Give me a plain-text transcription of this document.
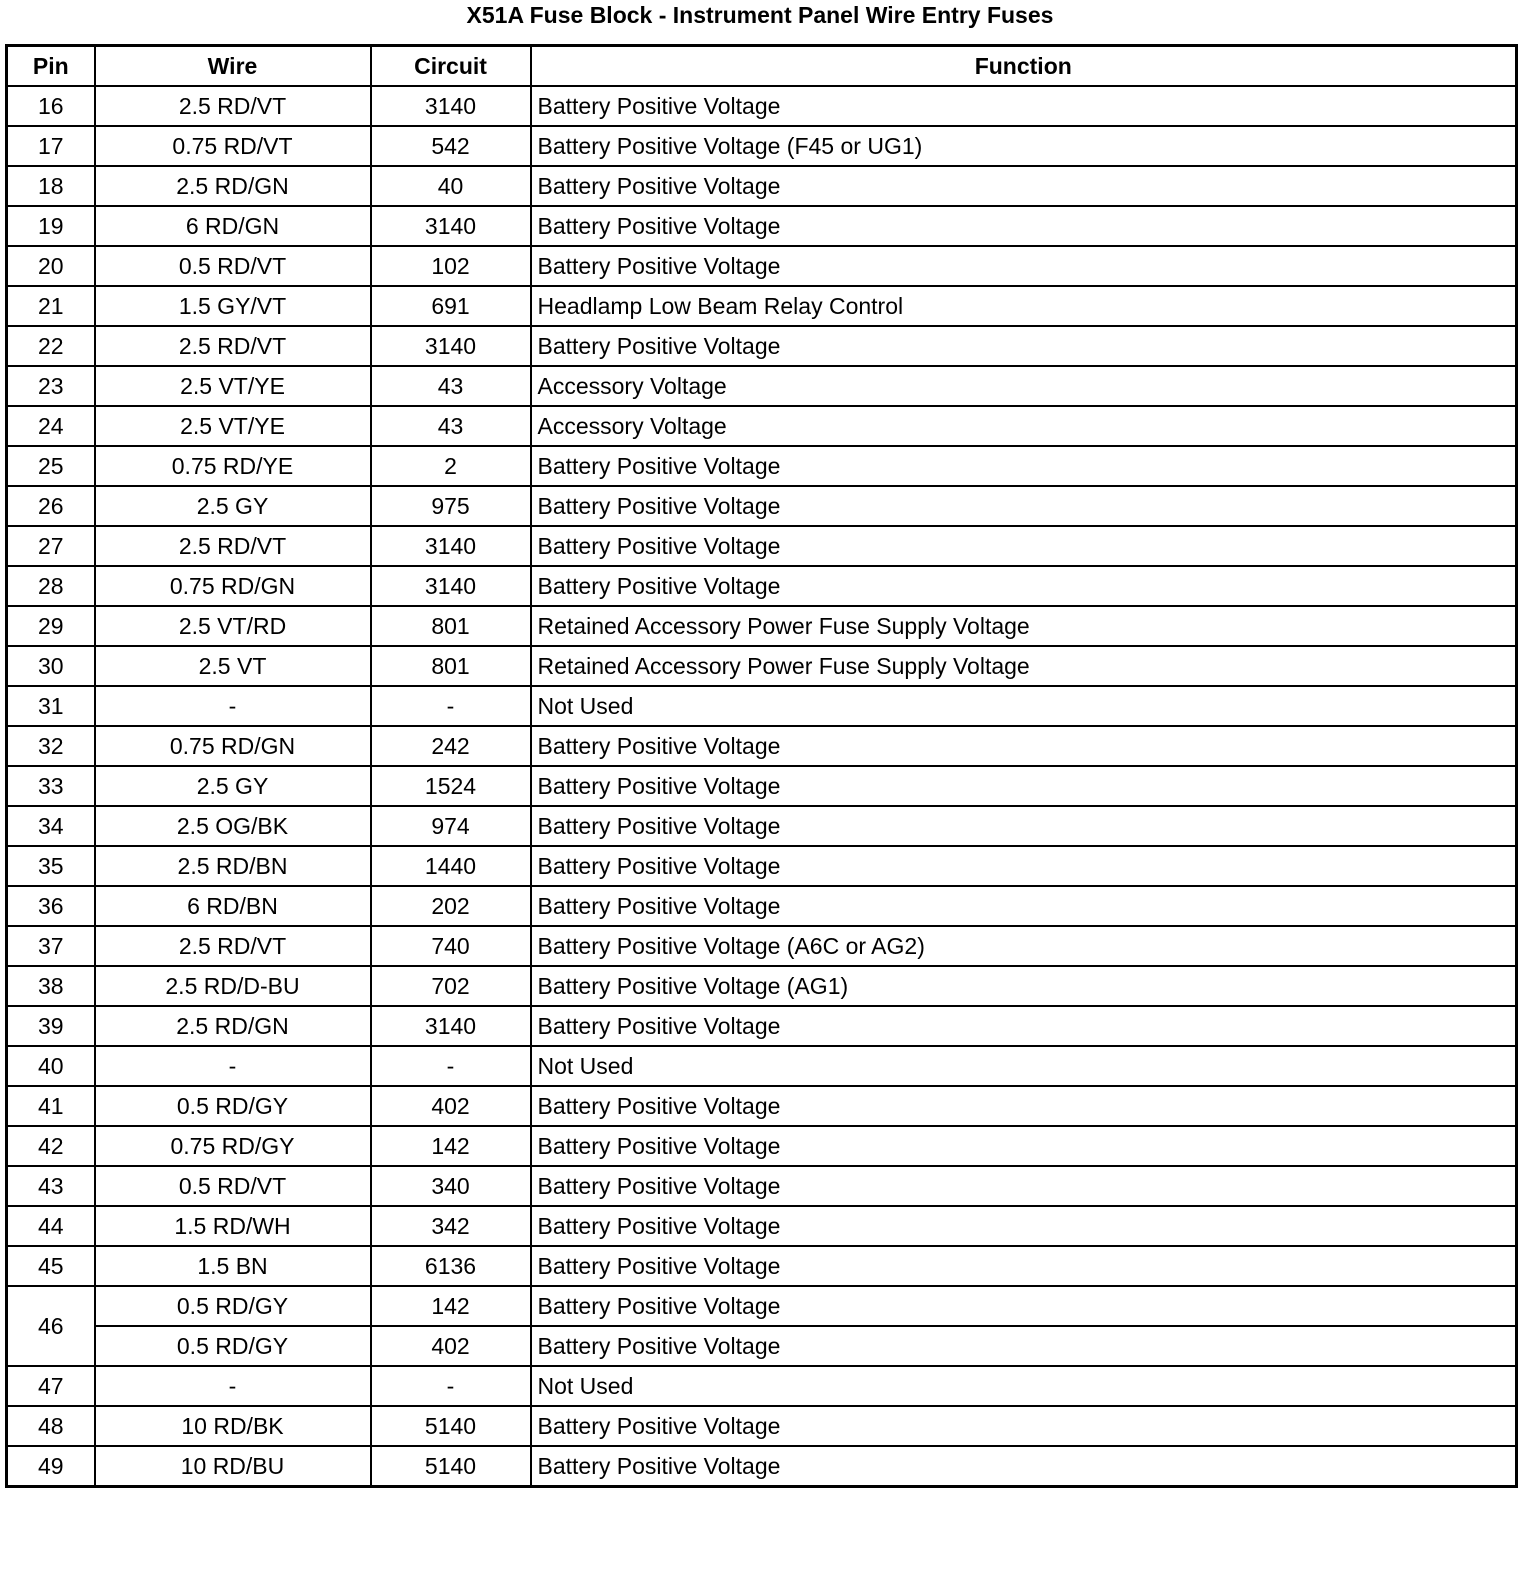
X51A Fuse Block - Instrument Panel Wire Entry Fuses
Pin	Wire	Circuit	Function
16	2.5 RD/VT	3140	Battery Positive Voltage
17	0.75 RD/VT	542	Battery Positive Voltage (F45 or UG1)
18	2.5 RD/GN	40	Battery Positive Voltage
19	6 RD/GN	3140	Battery Positive Voltage
20	0.5 RD/VT	102	Battery Positive Voltage
21	1.5 GY/VT	691	Headlamp Low Beam Relay Control
22	2.5 RD/VT	3140	Battery Positive Voltage
23	2.5 VT/YE	43	Accessory Voltage
24	2.5 VT/YE	43	Accessory Voltage
25	0.75 RD/YE	2	Battery Positive Voltage
26	2.5 GY	975	Battery Positive Voltage
27	2.5 RD/VT	3140	Battery Positive Voltage
28	0.75 RD/GN	3140	Battery Positive Voltage
29	2.5 VT/RD	801	Retained Accessory Power Fuse Supply Voltage
30	2.5 VT	801	Retained Accessory Power Fuse Supply Voltage
31	-	-	Not Used
32	0.75 RD/GN	242	Battery Positive Voltage
33	2.5 GY	1524	Battery Positive Voltage
34	2.5 OG/BK	974	Battery Positive Voltage
35	2.5 RD/BN	1440	Battery Positive Voltage
36	6 RD/BN	202	Battery Positive Voltage
37	2.5 RD/VT	740	Battery Positive Voltage (A6C or AG2)
38	2.5 RD/D-BU	702	Battery Positive Voltage (AG1)
39	2.5 RD/GN	3140	Battery Positive Voltage
40	-	-	Not Used
41	0.5 RD/GY	402	Battery Positive Voltage
42	0.75 RD/GY	142	Battery Positive Voltage
43	0.5 RD/VT	340	Battery Positive Voltage
44	1.5 RD/WH	342	Battery Positive Voltage
45	1.5 BN	6136	Battery Positive Voltage
46	0.5 RD/GY	142	Battery Positive Voltage
	0.5 RD/GY	402	Battery Positive Voltage
47	-	-	Not Used
48	10 RD/BK	5140	Battery Positive Voltage
49	10 RD/BU	5140	Battery Positive Voltage
